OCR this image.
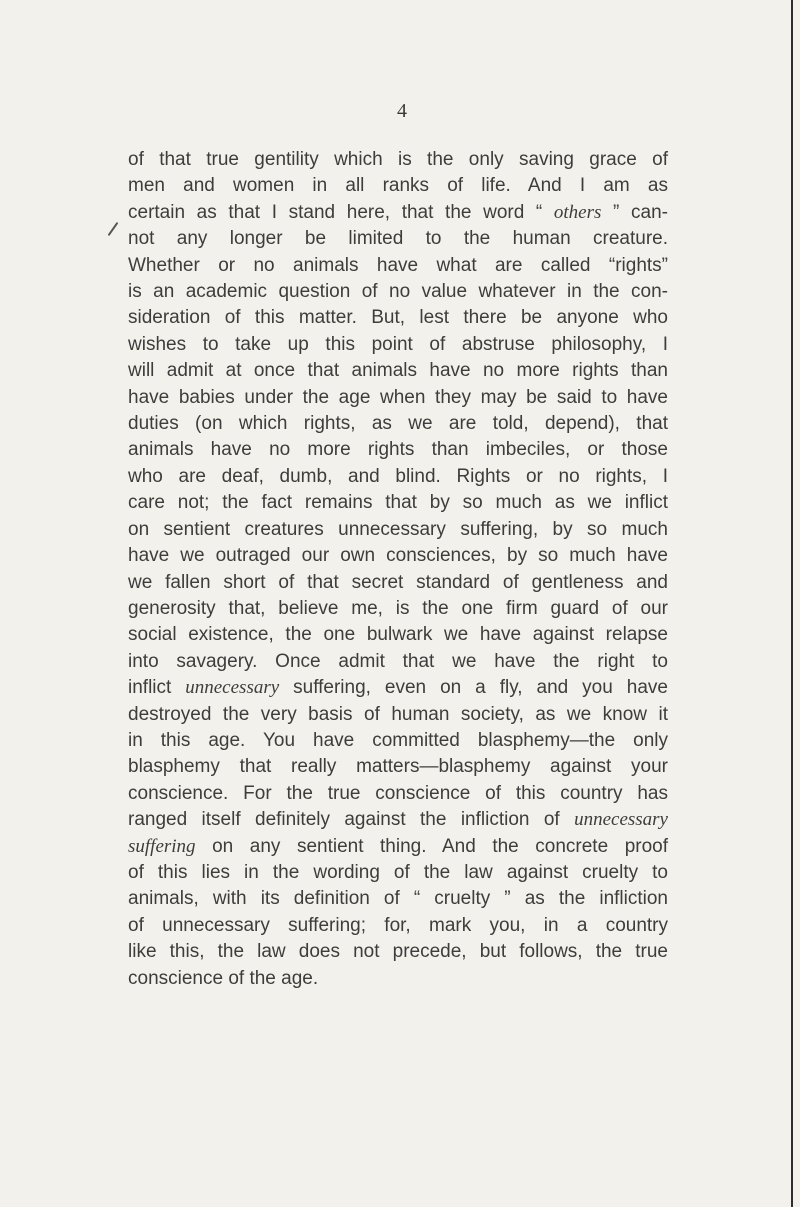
4
of that true gentility which is the only saving grace of
men and women in all ranks of life. And I am as
certain as that I stand here, that the word “ others ” can-
not any longer be limited to the human creature.
Whether or no animals have what are called “rights”
is an academic question of no value whatever in the con-
sideration of this matter. But, lest there be anyone who
wishes to take up this point of abstruse philosophy, I
will admit at once that animals have no more rights than
have babies under the age when they may be said to have
duties (on which rights, as we are told, depend), that
animals have no more rights than imbeciles, or those
who are deaf, dumb, and blind. Rights or no rights, I
care not; the fact remains that by so much as we inflict
on sentient creatures unnecessary suffering, by so much
have we outraged our own consciences, by so much have
we fallen short of that secret standard of gentleness and
generosity that, believe me, is the one firm guard of our
social existence, the one bulwark we have against relapse
into savagery. Once admit that we have the right to
inflict unnecessary suffering, even on a fly, and you have
destroyed the very basis of human society, as we know it
in this age. You have committed blasphemy—the only
blasphemy that really matters—blasphemy against your
conscience. For the true conscience of this country has
ranged itself definitely against the infliction of unnecessary
suffering on any sentient thing. And the concrete proof
of this lies in the wording of the law against cruelty to
animals, with its definition of “ cruelty ” as the infliction
of unnecessary suffering; for, mark you, in a country
like this, the law does not precede, but follows, the true
conscience of the age.
